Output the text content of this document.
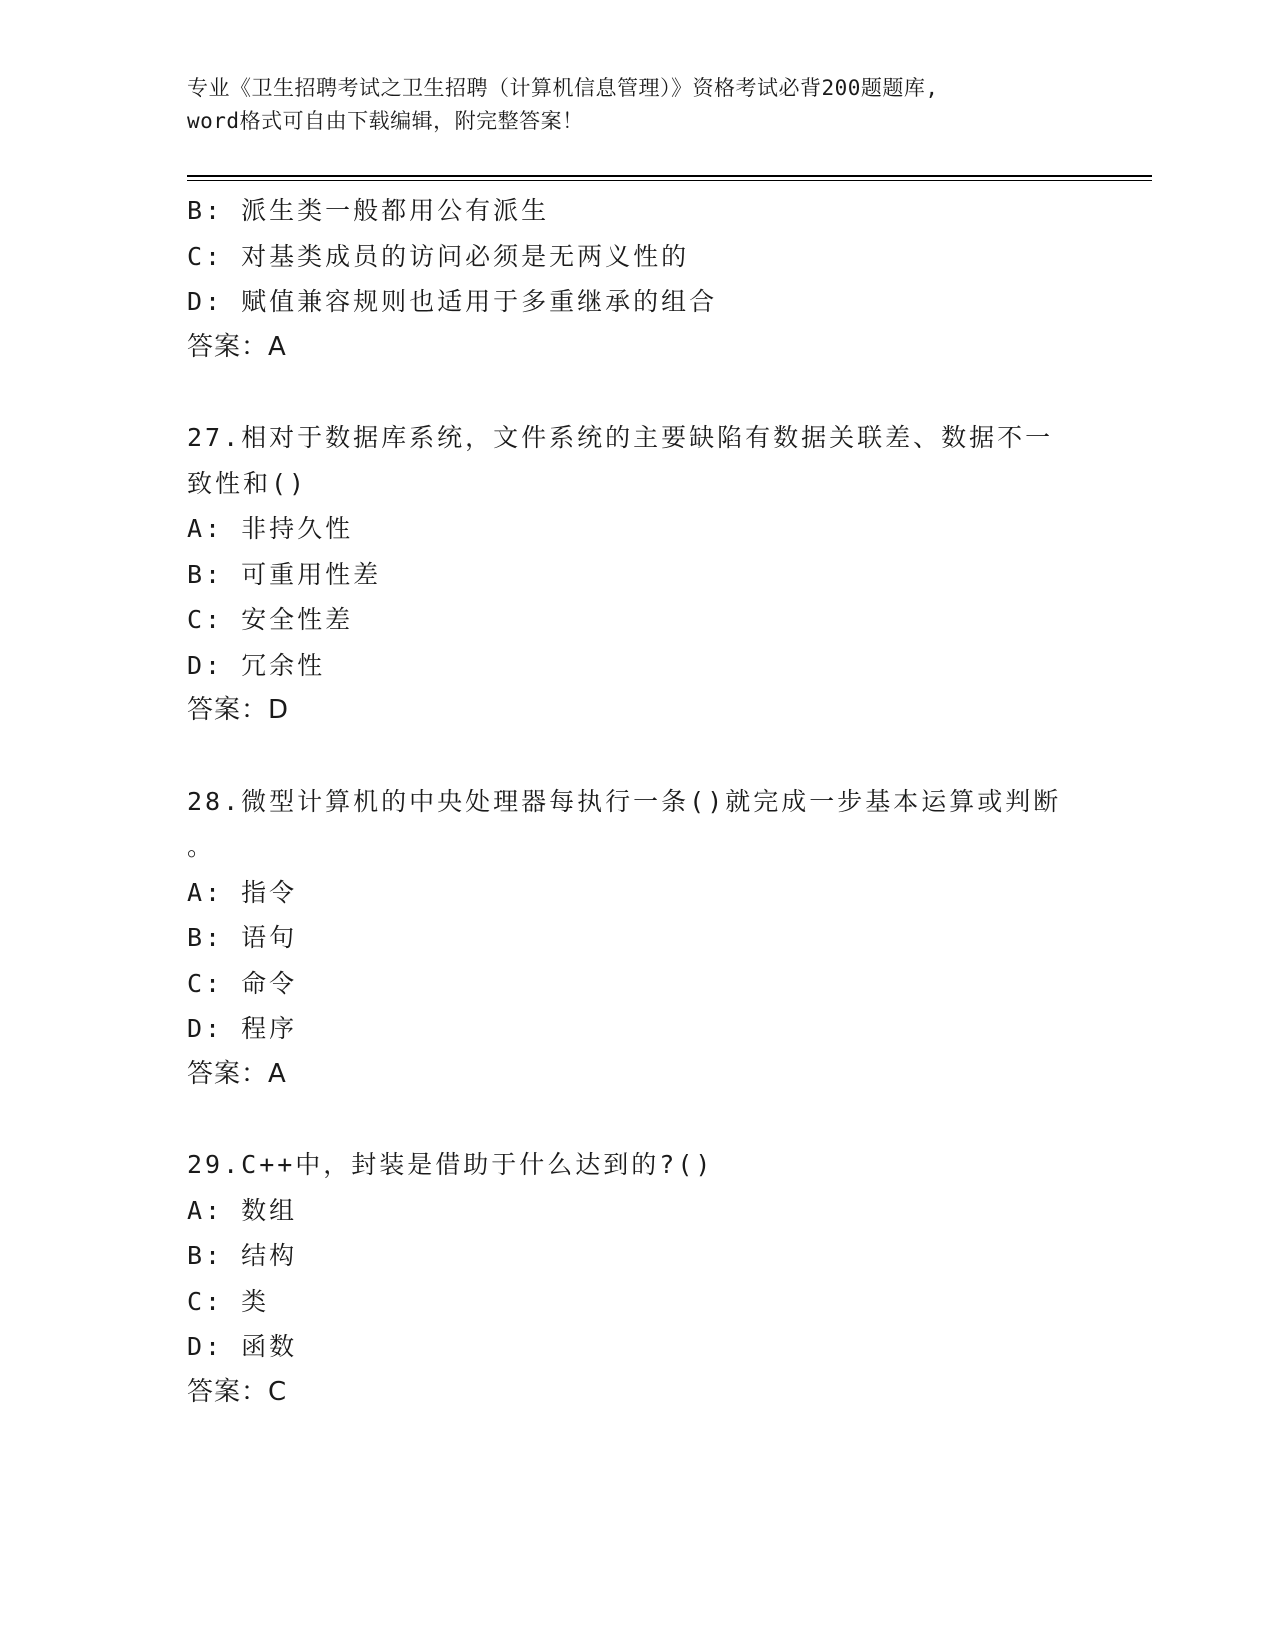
专业《卫生招聘考试之卫生招聘（计算机信息管理）》资格考试必背200题题库,
word格式可自由下载编辑，附完整答案！
B: 派生类一般都用公有派生
C: 对基类成员的访问必须是无两义性的
D: 赋值兼容规则也适用于多重继承的组合
答案：A
27.相对于数据库系统，文件系统的主要缺陷有数据关联差、数据不一
致性和()
A: 非持久性
B: 可重用性差
C: 安全性差
D: 冗余性
答案：D
28.微型计算机的中央处理器每执行一条()就完成一步基本运算或判断
。
A: 指令
B: 语句
C: 命令
D: 程序
答案：A
29.C++中，封装是借助于什么达到的?()
A: 数组
B: 结构
C: 类
D: 函数
答案：C
